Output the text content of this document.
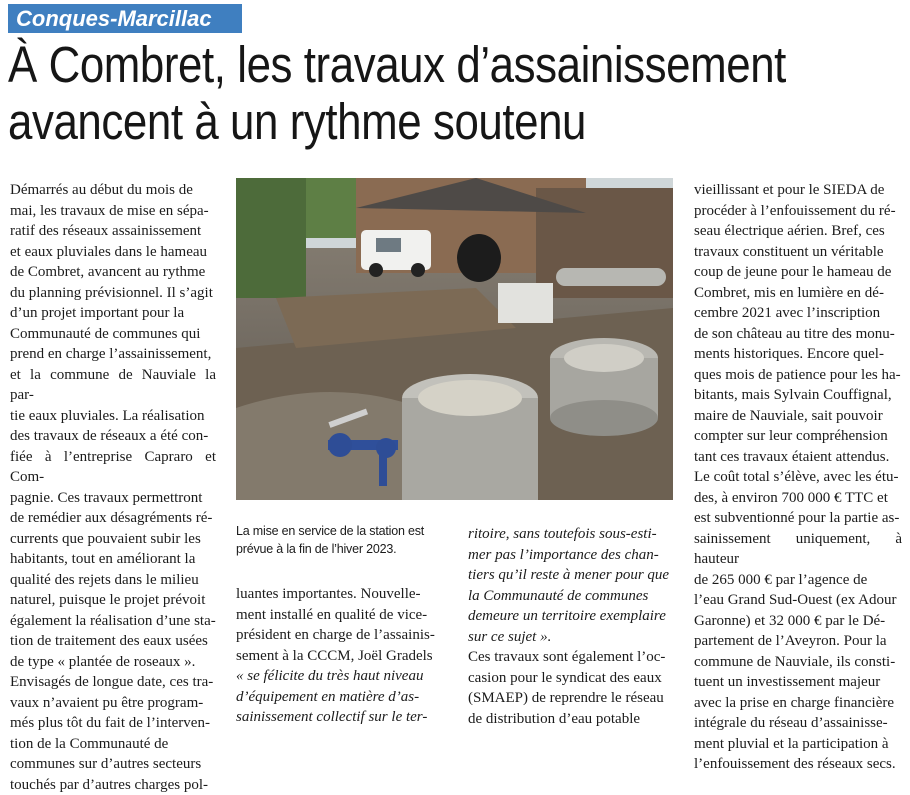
Conques-Marcillac
À Combret, les travaux d’assainissement
avancent à un rythme soutenu
Démarrés au début du mois de
mai, les travaux de mise en sépa-
ratif des réseaux assainissement
et eaux pluviales dans le hameau
de Combret, avancent au rythme
du planning prévisionnel. Il s’agit
d’un projet important pour la
Communauté de communes qui
prend en charge l’assainissement,
et la commune de Nauviale la par-
tie eaux pluviales. La réalisation
des travaux de réseaux a été con-
fiée à l’entreprise Capraro et Com-
pagnie. Ces travaux permettront
de remédier aux désagréments ré-
currents que pouvaient subir les
habitants, tout en améliorant la
qualité des rejets dans le milieu
naturel, puisque le projet prévoit
également la réalisation d’une sta-
tion de traitement des eaux usées
de type « plantée de roseaux ».
Envisagés de longue date, ces tra-
vaux n’avaient pu être program-
més plus tôt du fait de l’interven-
tion de la Communauté de
communes sur d’autres secteurs
touchés par d’autres charges pol-
La mise en service de la station est
prévue à la fin de l’hiver 2023.
luantes importantes. Nouvelle-
ment installé en qualité de vice-
président en charge de l’assainis-
sement à la CCCM, Joël Gradels
« se félicite du très haut niveau
d’équipement en matière d’as-
sainissement collectif sur le ter-
ritoire, sans toutefois sous-esti-
mer pas l’importance des chan-
tiers qu’il reste à mener pour que
la Communauté de communes
demeure un territoire exemplaire
sur ce sujet ».
Ces travaux sont également l’oc-
casion pour le syndicat des eaux
(SMAEP) de reprendre le réseau
de distribution d’eau potable
vieillissant et pour le SIEDA de
procéder à l’enfouissement du ré-
seau électrique aérien. Bref, ces
travaux constituent un véritable
coup de jeune pour le hameau de
Combret, mis en lumière en dé-
cembre 2021 avec l’inscription
de son château au titre des monu-
ments historiques. Encore quel-
ques mois de patience pour les ha-
bitants, mais Sylvain Couffignal,
maire de Nauviale, sait pouvoir
compter sur leur compréhension
tant ces travaux étaient attendus.
Le coût total s’élève, avec les étu-
des, à environ 700 000 € TTC et
est subventionné pour la partie as-
sainissement uniquement, à hauteur
de 265 000 € par l’agence de
l’eau Grand Sud-Ouest (ex Adour
Garonne) et 32 000 € par le Dé-
partement de l’Aveyron. Pour la
commune de Nauviale, ils consti-
tuent un investissement majeur
avec la prise en charge financière
intégrale du réseau d’assainisse-
ment pluvial et la participation à
l’enfouissement des réseaux secs.
